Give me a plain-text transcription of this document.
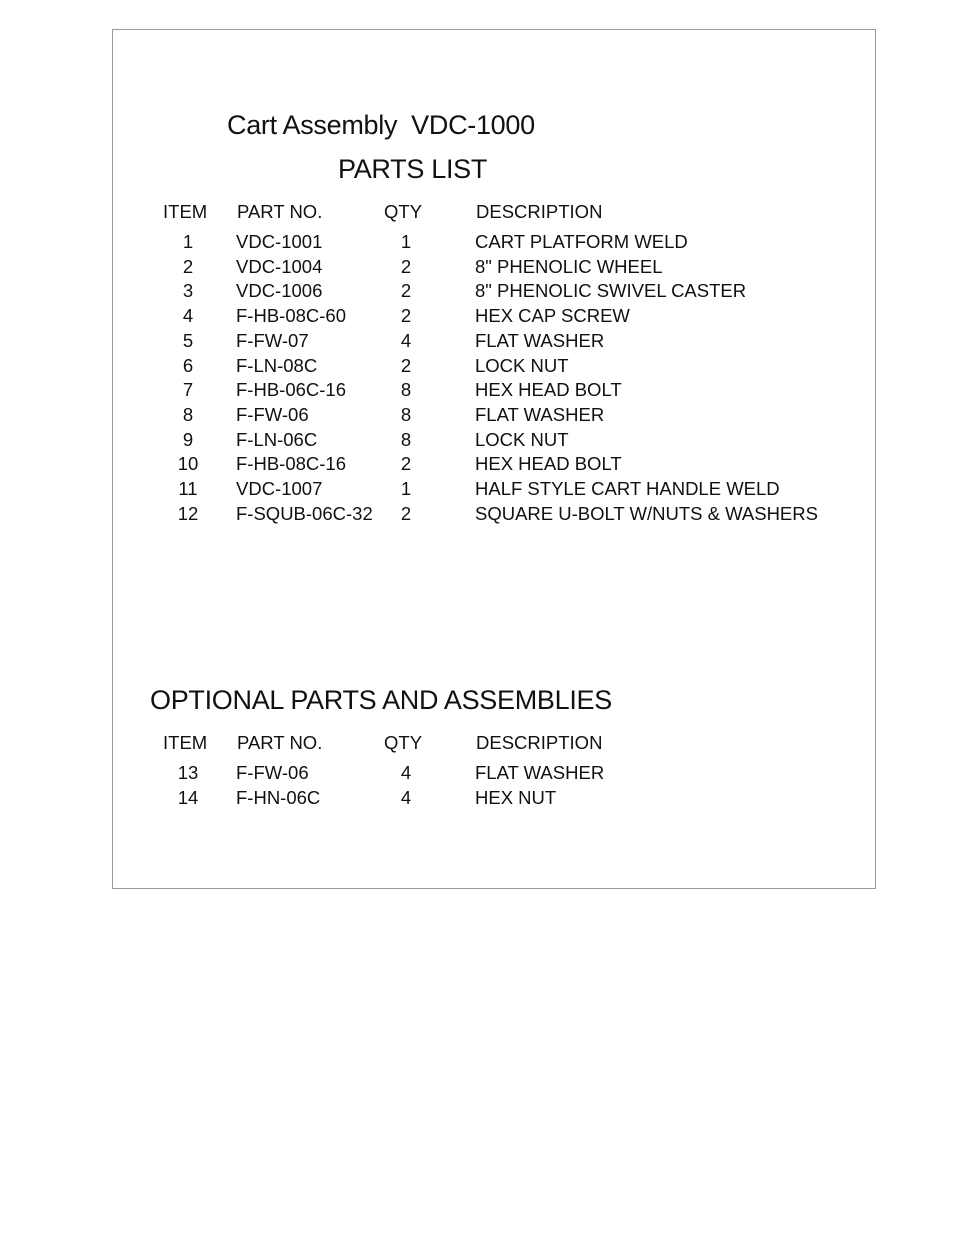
Cart Assembly VDC-1000
PARTS LIST
ITEM PART NO.	QTY	DESCRIPTION
1	VDC-1001	1	CART PLATFORM WELD
2	VDC-1004	2	8" PHENOLIC WHEEL
3	VDC-1006	2	8" PHENOLIC SWIVEL CASTER
4	F-HB-08C-60	2	HEX CAP SCREW
5	F-FW-07	4	FLAT WASHER
6	F-LN-08C	2	LOCK NUT
7	F-HB-06C-16	8	HEX HEAD BOLT
8	F-FW-06	8	FLAT WASHER
9	F-LN-06C	8	LOCK NUT
10 F-HB-08C-16	2	HEX HEAD BOLT
11 VDC-1007	1	HALF STYLE CART HANDLE WELD
12 F-SQUB-06C-32 2	SQUARE U-BOLT W/NUTS & WASHERS
OPTIONAL PARTS AND ASSEMBLIES
ITEM PART NO.	QTY	DESCRIPTION
13 F-FW-06	4	FLAT WASHER
14 F-HN-06C	4	HEX NUT
